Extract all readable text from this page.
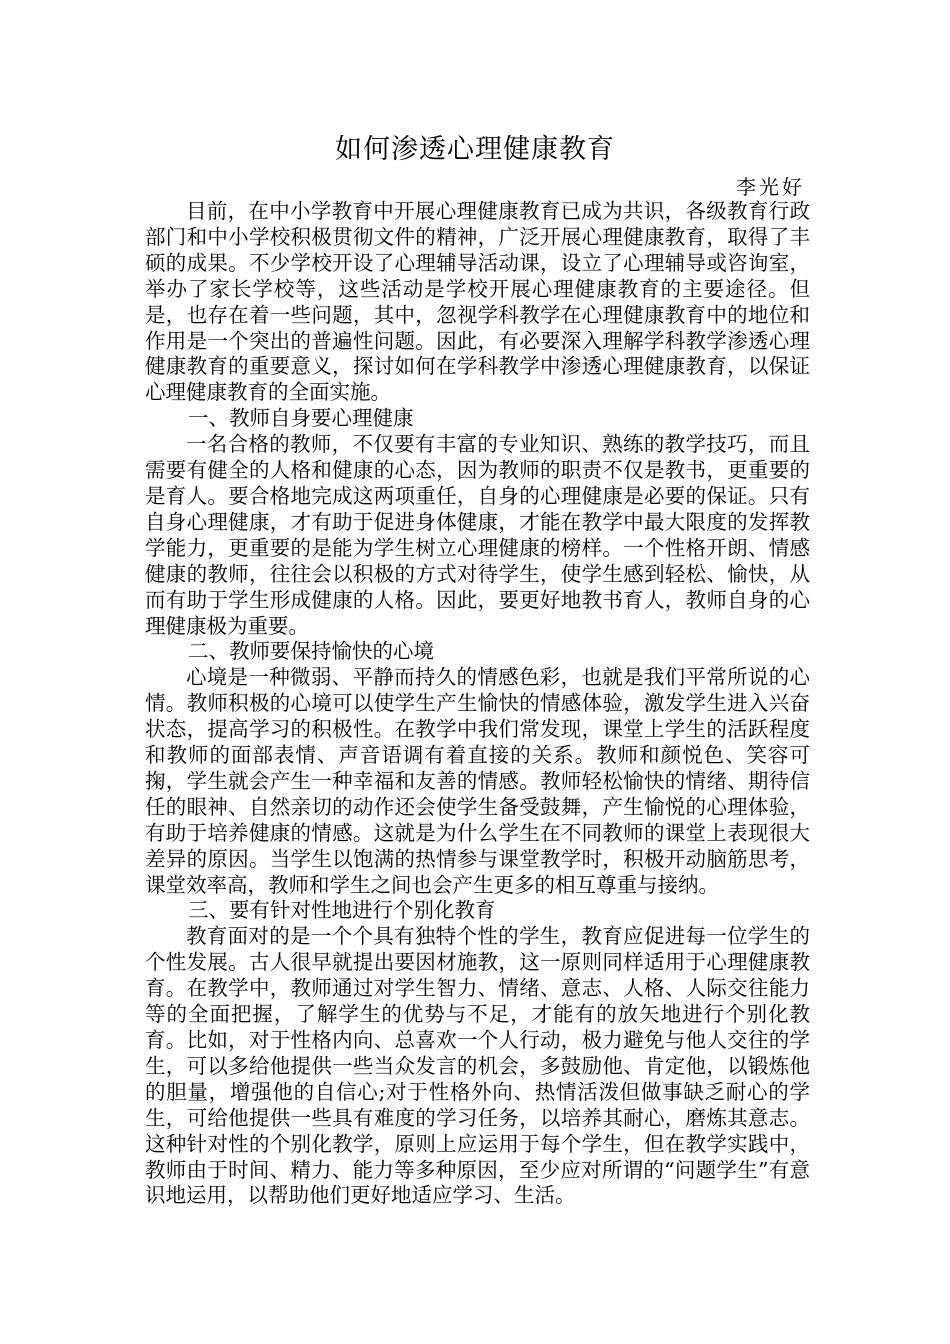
如何渗透心理健康教育
李光好

目前，在中小学教育中开展心理健康教育已成为共识，各级教育行政部门和中小学校积极贯彻文件的精神，广泛开展心理健康教育，取得了丰硕的成果。不少学校开设了心理辅导活动课，设立了心理辅导或咨询室，举办了家长学校等，这些活动是学校开展心理健康教育的主要途径。但是，也存在着一些问题，其中，忽视学科教学在心理健康教育中的地位和作用是一个突出的普遍性问题。因此，有必要深入理解学科教学渗透心理健康教育的重要意义，探讨如何在学科教学中渗透心理健康教育，以保证心理健康教育的全面实施。

一、教师自身要心理健康

一名合格的教师，不仅要有丰富的专业知识、熟练的教学技巧，而且需要有健全的人格和健康的心态，因为教师的职责不仅是教书，更重要的是育人。要合格地完成这两项重任，自身的心理健康是必要的保证。只有自身心理健康，才有助于促进身体健康，才能在教学中最大限度的发挥教学能力，更重要的是能为学生树立心理健康的榜样。一个性格开朗、情感健康的教师，往往会以积极的方式对待学生，使学生感到轻松、愉快，从而有助于学生形成健康的人格。因此，要更好地教书育人，教师自身的心理健康极为重要。

二、教师要保持愉快的心境

心境是一种微弱、平静而持久的情感色彩，也就是我们平常所说的心情。教师积极的心境可以使学生产生愉快的情感体验，激发学生进入兴奋状态，提高学习的积极性。在教学中我们常发现，课堂上学生的活跃程度和教师的面部表情、声音语调有着直接的关系。教师和颜悦色、笑容可掬，学生就会产生一种幸福和友善的情感。教师轻松愉快的情绪、期待信任的眼神、自然亲切的动作还会使学生备受鼓舞，产生愉悦的心理体验，有助于培养健康的情感。这就是为什么学生在不同教师的课堂上表现很大差异的原因。当学生以饱满的热情参与课堂教学时，积极开动脑筋思考，课堂效率高，教师和学生之间也会产生更多的相互尊重与接纳。

三、要有针对性地进行个别化教育

教育面对的是一个个具有独特个性的学生，教育应促进每一位学生的个性发展。古人很早就提出要因材施教，这一原则同样适用于心理健康教育。在教学中，教师通过对学生智力、情绪、意志、人格、人际交往能力等的全面把握，了解学生的优势与不足，才能有的放矢地进行个别化教育。比如，对于性格内向、总喜欢一个人行动，极力避免与他人交往的学生，可以多给他提供一些当众发言的机会，多鼓励他、肯定他，以锻炼他的胆量，增强他的自信心;对于性格外向、热情活泼但做事缺乏耐心的学生，可给他提供一些具有难度的学习任务，以培养其耐心，磨炼其意志。这种针对性的个别化教学，原则上应运用于每个学生，但在教学实践中，教师由于时间、精力、能力等多种原因，至少应对所谓的“问题学生”有意识地运用，以帮助他们更好地适应学习、生活。
